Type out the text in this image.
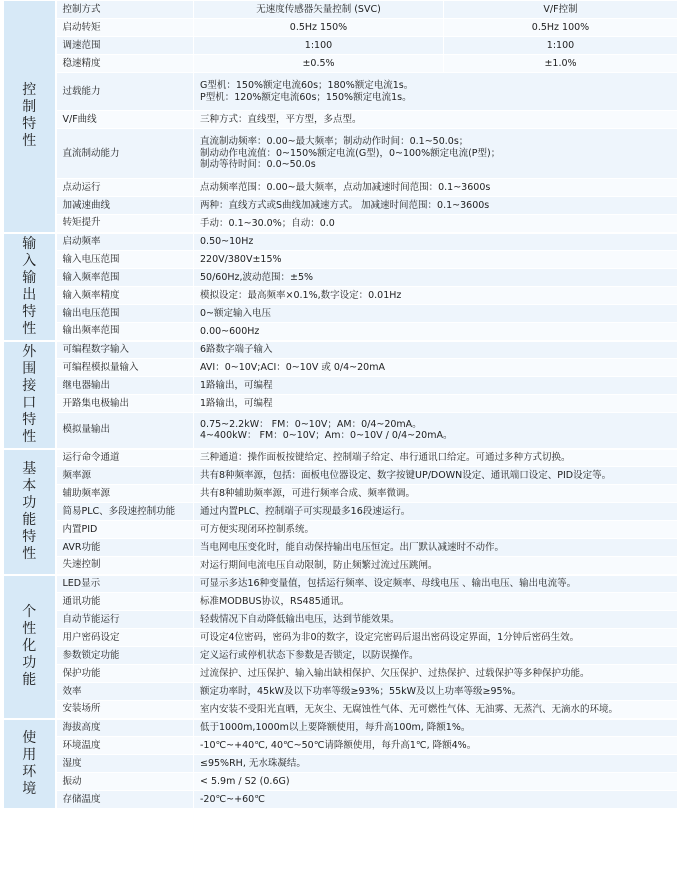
控制特性	控制方式	无速度传感器矢量控制 (SVC)	V/F控制
	启动转矩	0.5Hz 150%	0.5Hz 100%
	调速范围	1:100	1:100
	稳速精度	±0.5%	±1.0%
	过载能力	G型机：150%额定电流60s；180%额定电流1s。
P型机：120%额定电流60s；150%额定电流1s。	

	V/F曲线	三种方式：直线型，平方型，多点型。	

	直流制动能力	直流制动频率：0.00~最大频率；制动动作时间：0.1~50.0s；
制动动作电流值：0~150%额定电流(G型)，0~100%额定电流(P型)；
制动等待时间：0.0~50.0s	

	点动运行	点动频率范围：0.00~最大频率，点动加减速时间范围：0.1~3600s	

	加减速曲线	两种：直线方式或S曲线加减速方式。 加减速时间范围：0.1~3600s	

	转矩提升	手动：0.1~30.0%；自动：0.0	

输入输出特性	启动频率	0.50~10Hz	

	输入电压范围	220V/380V±15%	

	输入频率范围	50/60Hz,波动范围：±5%	

	输入频率精度	模拟设定：最高频率×0.1%,数字设定：0.01Hz	

	输出电压范围	0~额定输入电压	

	输出频率范围	0.00~600Hz	

外围接口特性	可编程数字输入	6路数字端子输入	

	可编程模拟量输入	AVI：0~10V;ACI：0~10V 或 0/4~20mA	

	继电器输出	1路输出，可编程	

	开路集电极输出	1路输出，可编程	

	模拟量输出	0.75~2.2kW： FM：0~10V；AM：0/4~20mA。
4~400kW： FM：0~10V；Am：0~10V / 0/4~20mA。	

基本功能特性	运行命令通道	三种通道：操作面板按键给定、控制端子给定、串行通讯口给定。可通过多种方式切换。	

	频率源	共有8种频率源，包括：面板电位器设定、数字按键UP/DOWN设定、通讯端口设定、PID设定等。	

	辅助频率源	共有8种辅助频率源，可进行频率合成、频率微调。	

	简易PLC、多段速控制功能	通过内置PLC、控制端子可实现最多16段速运行。	

	内置PID	可方便实现闭环控制系统。	

	AVR功能	当电网电压变化时，能自动保持输出电压恒定。出厂默认减速时不动作。	

	失速控制	对运行期间电流电压自动限制，防止频繁过流过压跳闸。	

个性化功能	LED显示	可显示多达16种变量值，包括运行频率、设定频率、母线电压 、输出电压、输出电流等。	

	通讯功能	标准MODBUS协议，RS485通讯。	

	自动节能运行	轻载情况下自动降低输出电压，达到节能效果。	

	用户密码设定	可设定4位密码，密码为非0的数字，设定完密码后退出密码设定界面，1分钟后密码生效。	

	参数锁定功能	定义运行或停机状态下参数是否锁定，以防误操作。	

	保护功能	过流保护、过压保护、输入输出缺相保护、欠压保护、过热保护、过载保护等多种保护功能。	

	效率	额定功率时，45kW及以下功率等级≥93%；55kW及以上功率等级≥95%。	

	安装场所	室内安装不受阳光直晒，无灰尘、无腐蚀性气体、无可燃性气体、无油雾、无蒸汽、无滴水的环境。	

使用环境	海拔高度	低于1000m,1000m以上要降额使用，每升高100m, 降额1%。	

	环境温度	-10℃~+40℃, 40℃~50℃请降额使用，每升高1℃, 降额4%。	

	湿度	≤95%RH, 无水珠凝结。	

	振动	< 5.9m / S2 (0.6G)	

	存储温度	-20℃~+60℃	
